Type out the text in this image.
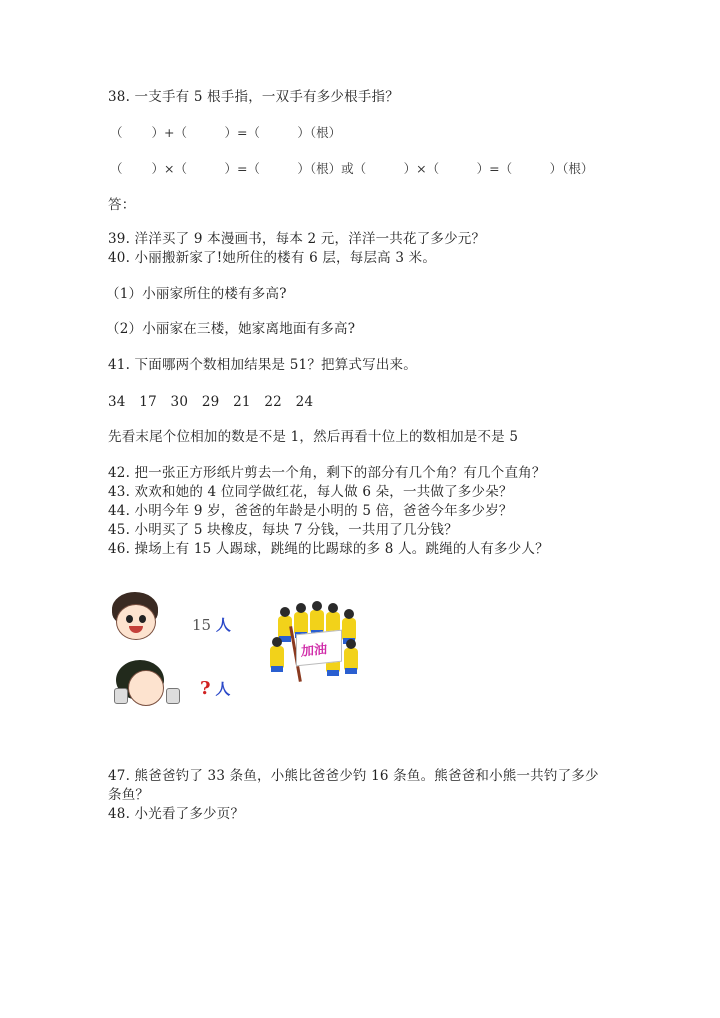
38. 一支手有 5 根手指，一双手有多少根手指？
（　　 ）+（　　　）=（　　　）（根）
（　　 ）×（　　　）=（　　　）（根）或（　　　）×（　　　）=（　　　）（根）
答：
39. 洋洋买了 9 本漫画书，每本 2 元，洋洋一共花了多少元？
40. 小丽搬新家了!她所住的楼有 6 层，每层高 3 米。
（1）小丽家所住的楼有多高?
（2）小丽家在三楼，她家离地面有多高?
41. 下面哪两个数相加结果是 51？把算式写出来。
34　17　30　29　21　22　24
先看末尾个位相加的数是不是 1，然后再看十位上的数相加是不是 5
42. 把一张正方形纸片剪去一个角，剩下的部分有几个角？有几个直角？
43. 欢欢和她的 4 位同学做红花，每人做 6 朵，一共做了多少朵？
44. 小明今年 9 岁，爸爸的年龄是小明的 5 倍，爸爸今年多少岁？
45. 小明买了 5 块橡皮，每块 7 分钱，一共用了几分钱？
46. 操场上有 15 人踢球，跳绳的比踢球的多 8 人。跳绳的人有多少人？
15 人
? 人
加油
47. 熊爸爸钓了 33 条鱼，小熊比爸爸少钓 16 条鱼。熊爸爸和小熊一共钓了多少
条鱼？
48. 小光看了多少页？
